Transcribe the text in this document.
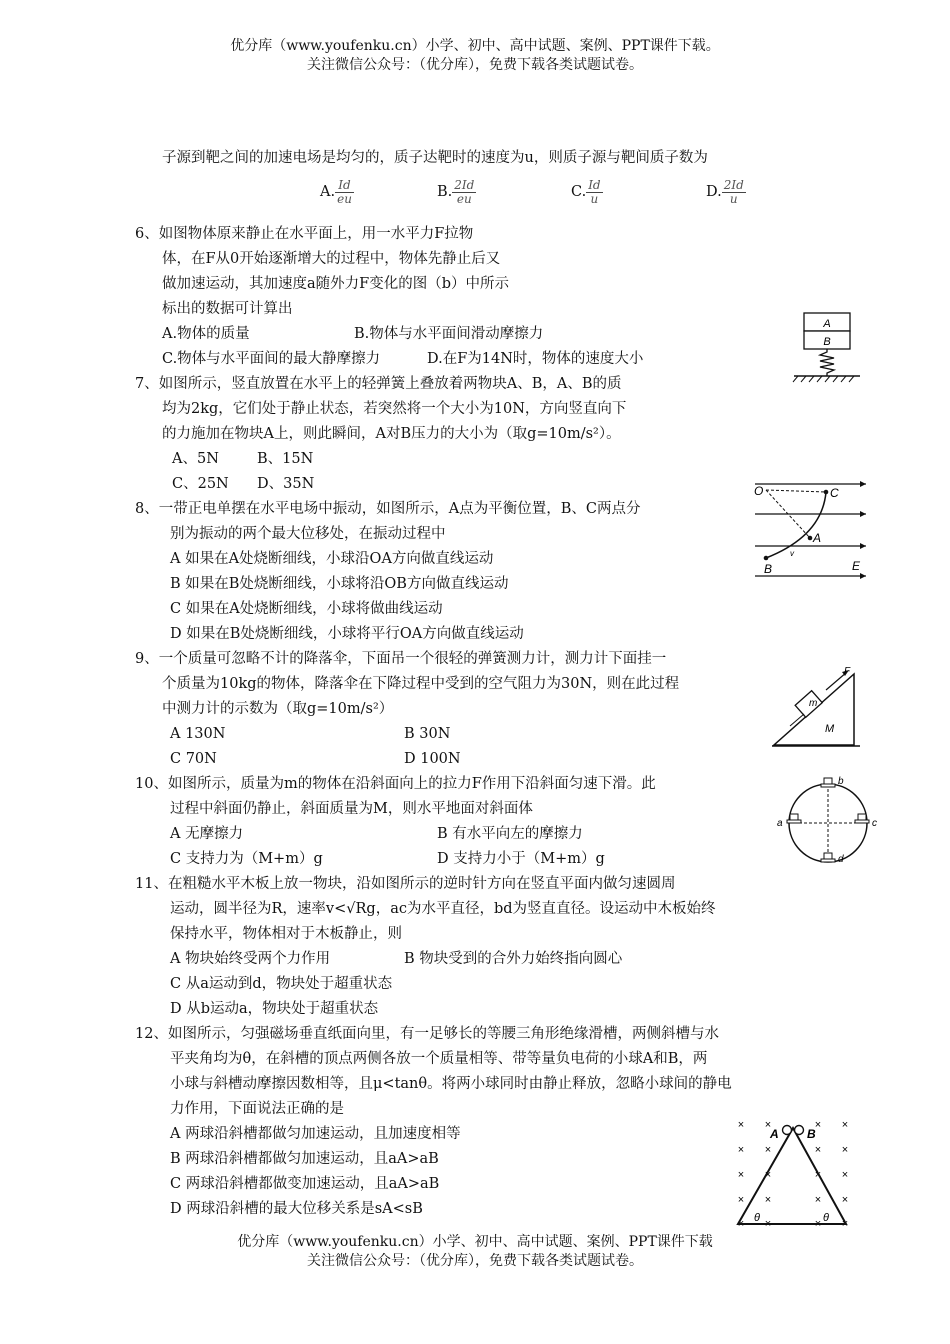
优分库（www.youfenku.cn）小学、初中、高中试题、案例、PPT课件下载。
关注微信公众号：（优分库），免费下载各类试题试卷。
子源到靶之间的加速电场是均匀的，质子达靶时的速度为u，则质子源与靶间质子数为
A. $\frac{Id}{eu}$	B. $\frac{2Id}{eu}$	C. $\frac{Id}{u}$	D. $\frac{2Id}{u}$
6、如图物体原来静止在水平面上，用一水平力F拉物
体，在F从0开始逐渐增大的过程中，物体先静止后又
做加速运动，其加速度a随外力F变化的图（b）中所示
标出的数据可计算出
A.物体的质量	B.物体与水平面间滑动摩擦力
C.物体与水平面间的最大静摩擦力	D.在F为14N时，物体的速度大小
7、如图所示，竖直放置在水平上的轻弹簧上叠放着两物块A、B，A、B的质
均为2kg，它们处于静止状态，若突然将一个大小为10N，方向竖直向下
的力施加在物块A上，则此瞬间，A对B压力的大小为（取g=10m/s²）。
A、5N	B、15N
C、25N D、35N
8、一带正电单摆在水平电场中振动，如图所示，A点为平衡位置，B、C两点分
别为振动的两个最大位移处，在振动过程中
A 如果在A处烧断细线，小球沿OA方向做直线运动
B 如果在B处烧断细线，小球将沿OB方向做直线运动
C 如果在A处烧断细线，小球将做曲线运动
D 如果在B处烧断细线，小球将平行OA方向做直线运动
9、一个质量可忽略不计的降落伞，下面吊一个很轻的弹簧测力计，测力计下面挂一
个质量为10kg的物体，降落伞在下降过程中受到的空气阻力为30N，则在此过程
中测力计的示数为（取g=10m/s²）
A 130N	B 30N
C 70N	D 100N
10、如图所示，质量为m的物体在沿斜面向上的拉力F作用下沿斜面匀速下滑。此
过程中斜面仍静止，斜面质量为M，则水平地面对斜面体
A 无摩擦力	B 有水平向左的摩擦力
C 支持力为（M+m）g	D 支持力小于（M+m）g
11、在粗糙水平木板上放一物块，沿如图所示的逆时针方向在竖直平面内做匀速圆周
运动，圆半径为R，速率v<√Rg，ac为水平直径，bd为竖直直径。设运动中木板始终
保持水平，物体相对于木板静止，则
A 物块始终受两个力作用	B 物块受到的合外力始终指向圆心
C 从a运动到d，物块处于超重状态
D 从b运动a，物块处于超重状态
12、如图所示，匀强磁场垂直纸面向里，有一足够长的等腰三角形绝缘滑槽，两侧斜槽与水
平夹角均为θ，在斜槽的顶点两侧各放一个质量相等、带等量负电荷的小球A和B，两
小球与斜槽动摩擦因数相等，且μ<tanθ。将两小球同时由静止释放，忽略小球间的静电
力作用，下面说法正确的是
A 两球沿斜槽都做匀加速运动，且加速度相等
B 两球沿斜槽都做匀加速运动，且aA>aB
C 两球沿斜槽都做变加速运动，且aA>aB
D 两球沿斜槽的最大位移关系是sA<sB
优分库（www.youfenku.cn）小学、初中、高中试题、案例、PPT课件下载
关注微信公众号：（优分库），免费下载各类试题试卷。
A
B
O	C
A
B	E
v
m
F
M
b
a	c
d
× ×	× ×
× ×	× ×
× ×	× ×
× ×	× ×
× ×	× ×
A B
θ	θ
